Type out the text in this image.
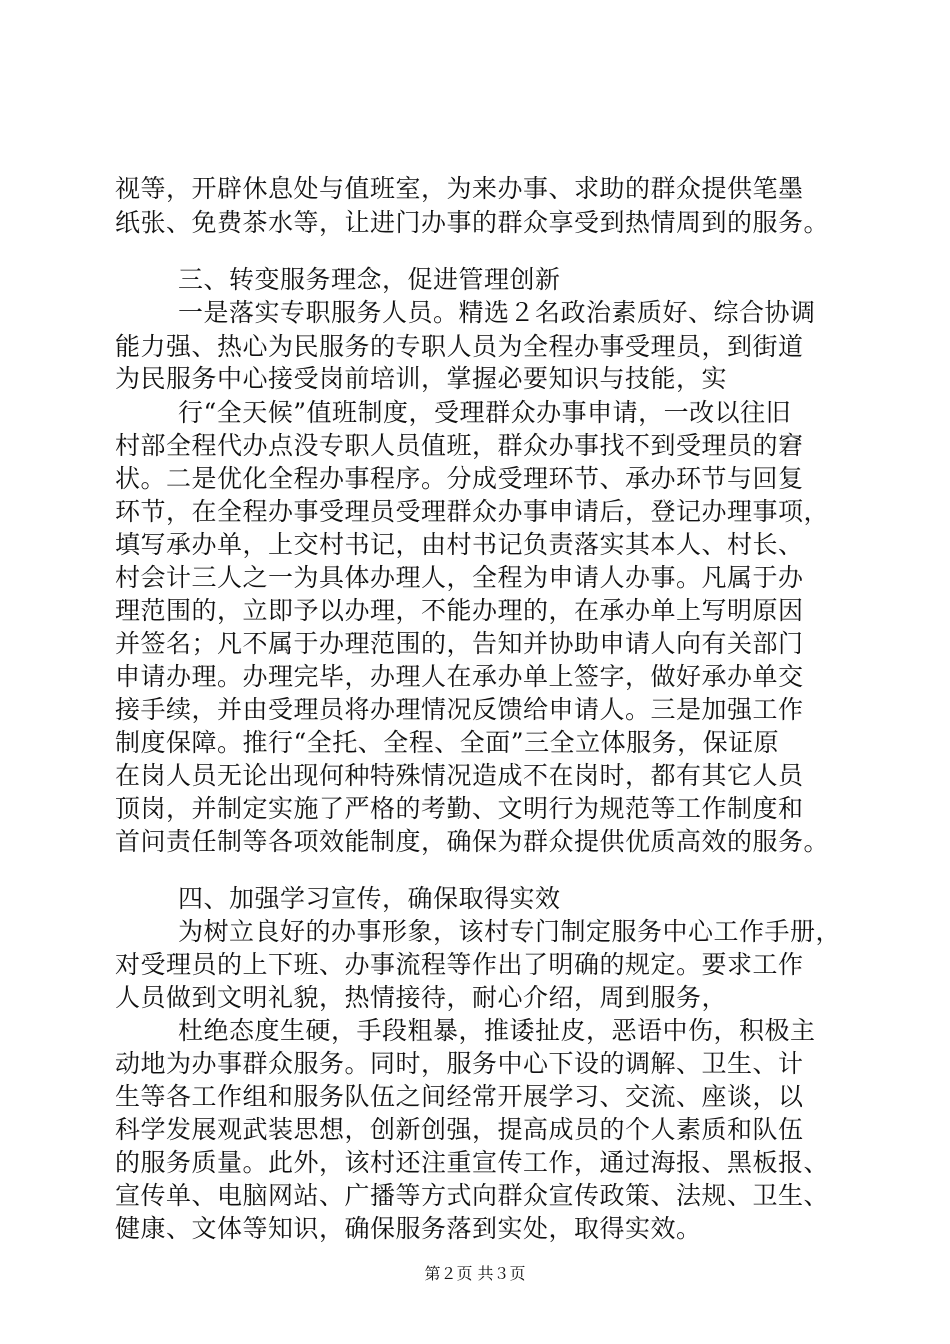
视等，开辟休息处与值班室，为来办事、求助的群众提供笔墨
纸张、免费茶水等，让进门办事的群众享受到热情周到的服务。
三、转变服务理念，促进管理创新
一是落实专职服务人员。精选２名政治素质好、综合协调
能力强、热心为民服务的专职人员为全程办事受理员，到街道
为民服务中心接受岗前培训，掌握必要知识与技能，实
行“全天候”值班制度，受理群众办事申请，一改以往旧
村部全程代办点没专职人员值班，群众办事找不到受理员的窘
状。二是优化全程办事程序。分成受理环节、承办环节与回复
环节，在全程办事受理员受理群众办事申请后，登记办理事项，
填写承办单，上交村书记，由村书记负责落实其本人、村长、
村会计三人之一为具体办理人，全程为申请人办事。凡属于办
理范围的，立即予以办理，不能办理的，在承办单上写明原因
并签名；凡不属于办理范围的，告知并协助申请人向有关部门
申请办理。办理完毕，办理人在承办单上签字，做好承办单交
接手续，并由受理员将办理情况反馈给申请人。三是加强工作
制度保障。推行“全托、全程、全面”三全立体服务，保证原
在岗人员无论出现何种特殊情况造成不在岗时，都有其它人员
顶岗，并制定实施了严格的考勤、文明行为规范等工作制度和
首问责任制等各项效能制度，确保为群众提供优质高效的服务。
四、加强学习宣传，确保取得实效
为树立良好的办事形象，该村专门制定服务中心工作手册，
对受理员的上下班、办事流程等作出了明确的规定。要求工作
人员做到文明礼貌，热情接待，耐心介绍，周到服务，
杜绝态度生硬，手段粗暴，推诿扯皮，恶语中伤，积极主
动地为办事群众服务。同时，服务中心下设的调解、卫生、计
生等各工作组和服务队伍之间经常开展学习、交流、座谈，以
科学发展观武装思想，创新创强，提高成员的个人素质和队伍
的服务质量。此外，该村还注重宣传工作，通过海报、黑板报、
宣传单、电脑网站、广播等方式向群众宣传政策、法规、卫生、
健康、文体等知识，确保服务落到实处，取得实效。
第２页 共３页
